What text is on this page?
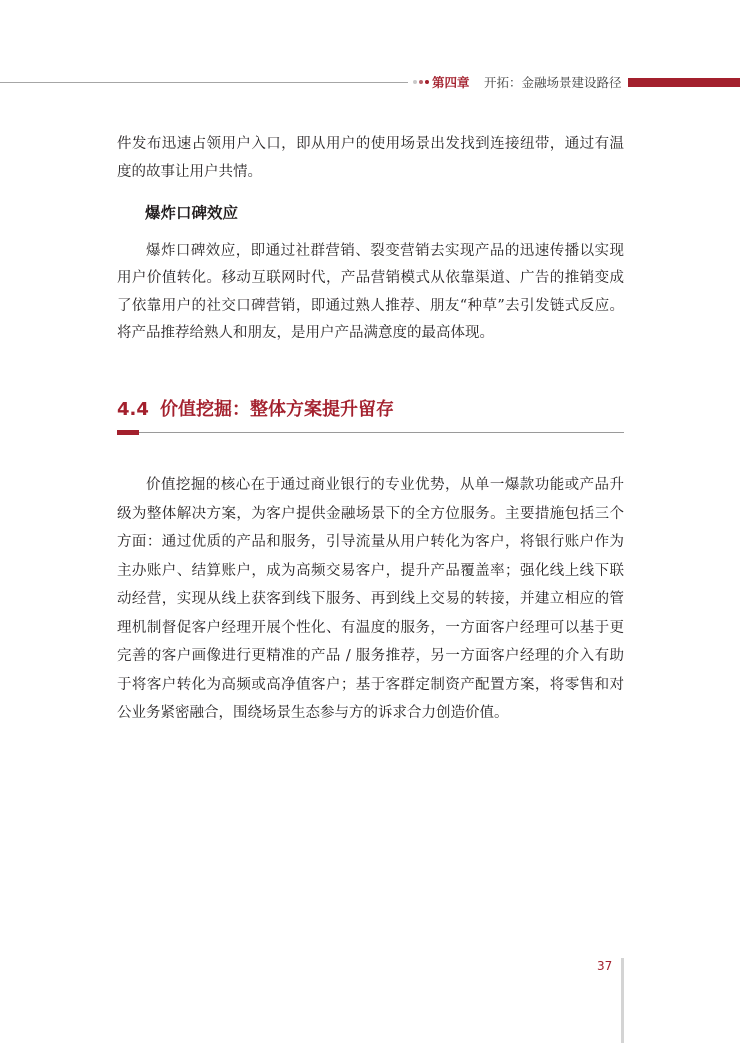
第四章 开拓：金融场景建设路径
件发布迅速占领用户入口，即从用户的使用场景出发找到连接纽带，通过有温
度的故事让用户共情。
爆炸口碑效应
爆炸口碑效应，即通过社群营销、裂变营销去实现产品的迅速传播以实现
用户价值转化。移动互联网时代，产品营销模式从依靠渠道、广告的推销变成
了依靠用户的社交口碑营销，即通过熟人推荐、朋友“种草”去引发链式反应。
将产品推荐给熟人和朋友，是用户产品满意度的最高体现。
4.4 价值挖掘：整体方案提升留存
价值挖掘的核心在于通过商业银行的专业优势，从单一爆款功能或产品升
级为整体解决方案，为客户提供金融场景下的全方位服务。主要措施包括三个
方面：通过优质的产品和服务，引导流量从用户转化为客户，将银行账户作为
主办账户、结算账户，成为高频交易客户，提升产品覆盖率；强化线上线下联
动经营，实现从线上获客到线下服务、再到线上交易的转接，并建立相应的管
理机制督促客户经理开展个性化、有温度的服务，一方面客户经理可以基于更
完善的客户画像进行更精准的产品 / 服务推荐，另一方面客户经理的介入有助
于将客户转化为高频或高净值客户；基于客群定制资产配置方案，将零售和对
公业务紧密融合，围绕场景生态参与方的诉求合力创造价值。
37
